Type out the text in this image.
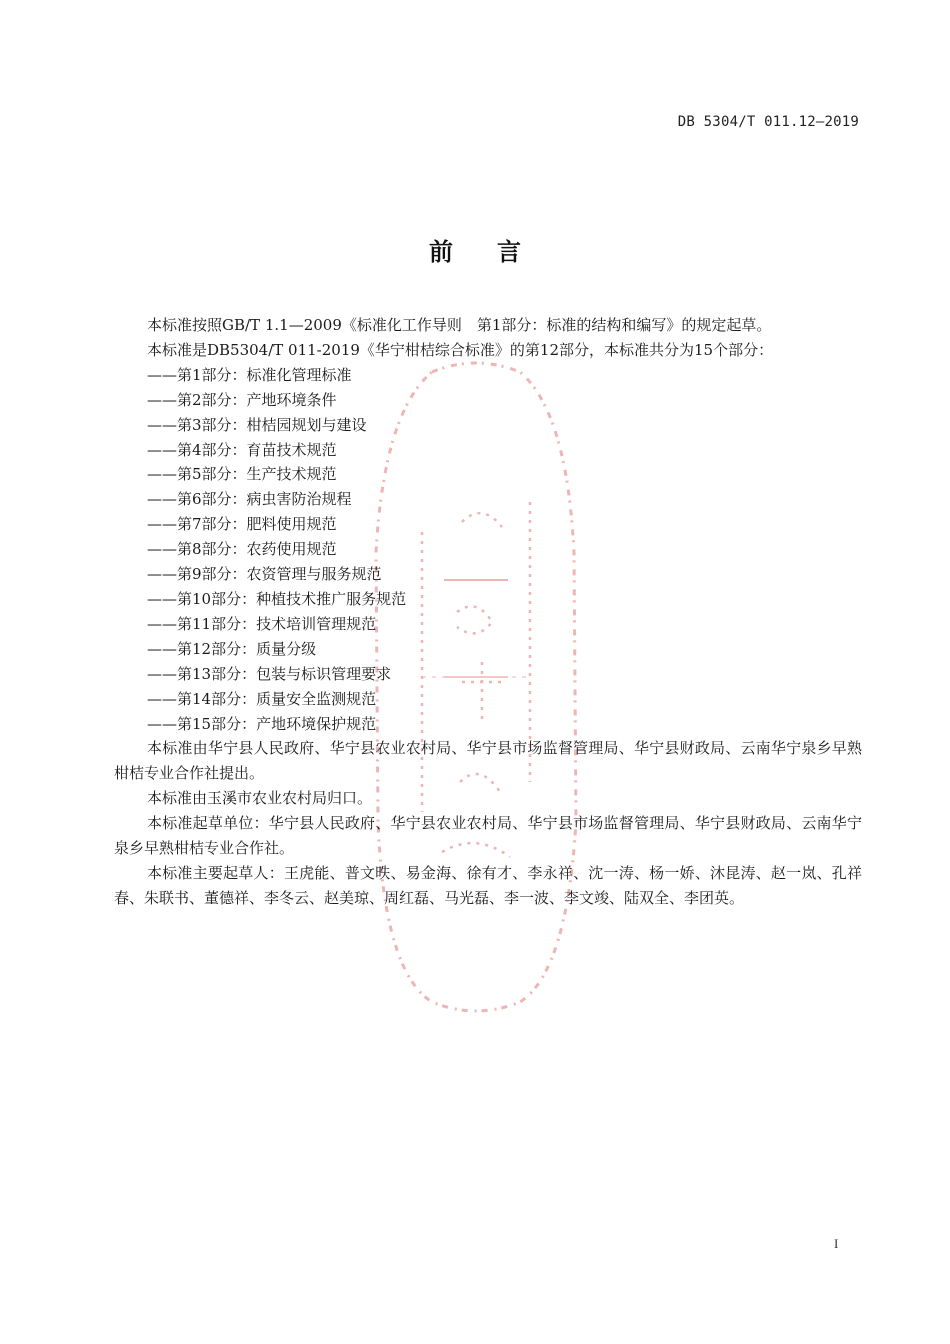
DB 5304/T 011.12—2019
前言

本标准按照GB/T 1.1—2009《标准化工作导则　第1部分：标准的结构和编写》的规定起草。

本标准是DB5304/T 011-2019《华宁柑桔综合标准》的第12部分，本标准共分为15个部分：

——第1部分：标准化管理标准

——第2部分：产地环境条件

——第3部分：柑桔园规划与建设

——第4部分：育苗技术规范

——第5部分：生产技术规范

——第6部分：病虫害防治规程

——第7部分：肥料使用规范

——第8部分：农药使用规范

——第9部分：农资管理与服务规范

——第10部分：种植技术推广服务规范

——第11部分：技术培训管理规范

——第12部分：质量分级

——第13部分：包装与标识管理要求

——第14部分：质量安全监测规范

——第15部分：产地环境保护规范

本标准由华宁县人民政府、华宁县农业农村局、华宁县市场监督管理局、华宁县财政局、云南华宁泉乡早熟柑桔专业合作社提出。

本标准由玉溪市农业农村局归口。

本标准起草单位：华宁县人民政府、华宁县农业农村局、华宁县市场监督管理局、华宁县财政局、云南华宁泉乡早熟柑桔专业合作社。

本标准主要起草人：王虎能、普文昳、易金海、徐有才、李永祥、沈一涛、杨一娇、沐昆涛、赵一岚、孔祥春、朱联书、董德祥、李冬云、赵美琼、周红磊、马光磊、李一波、李文竣、陆双全、李团英。

I
